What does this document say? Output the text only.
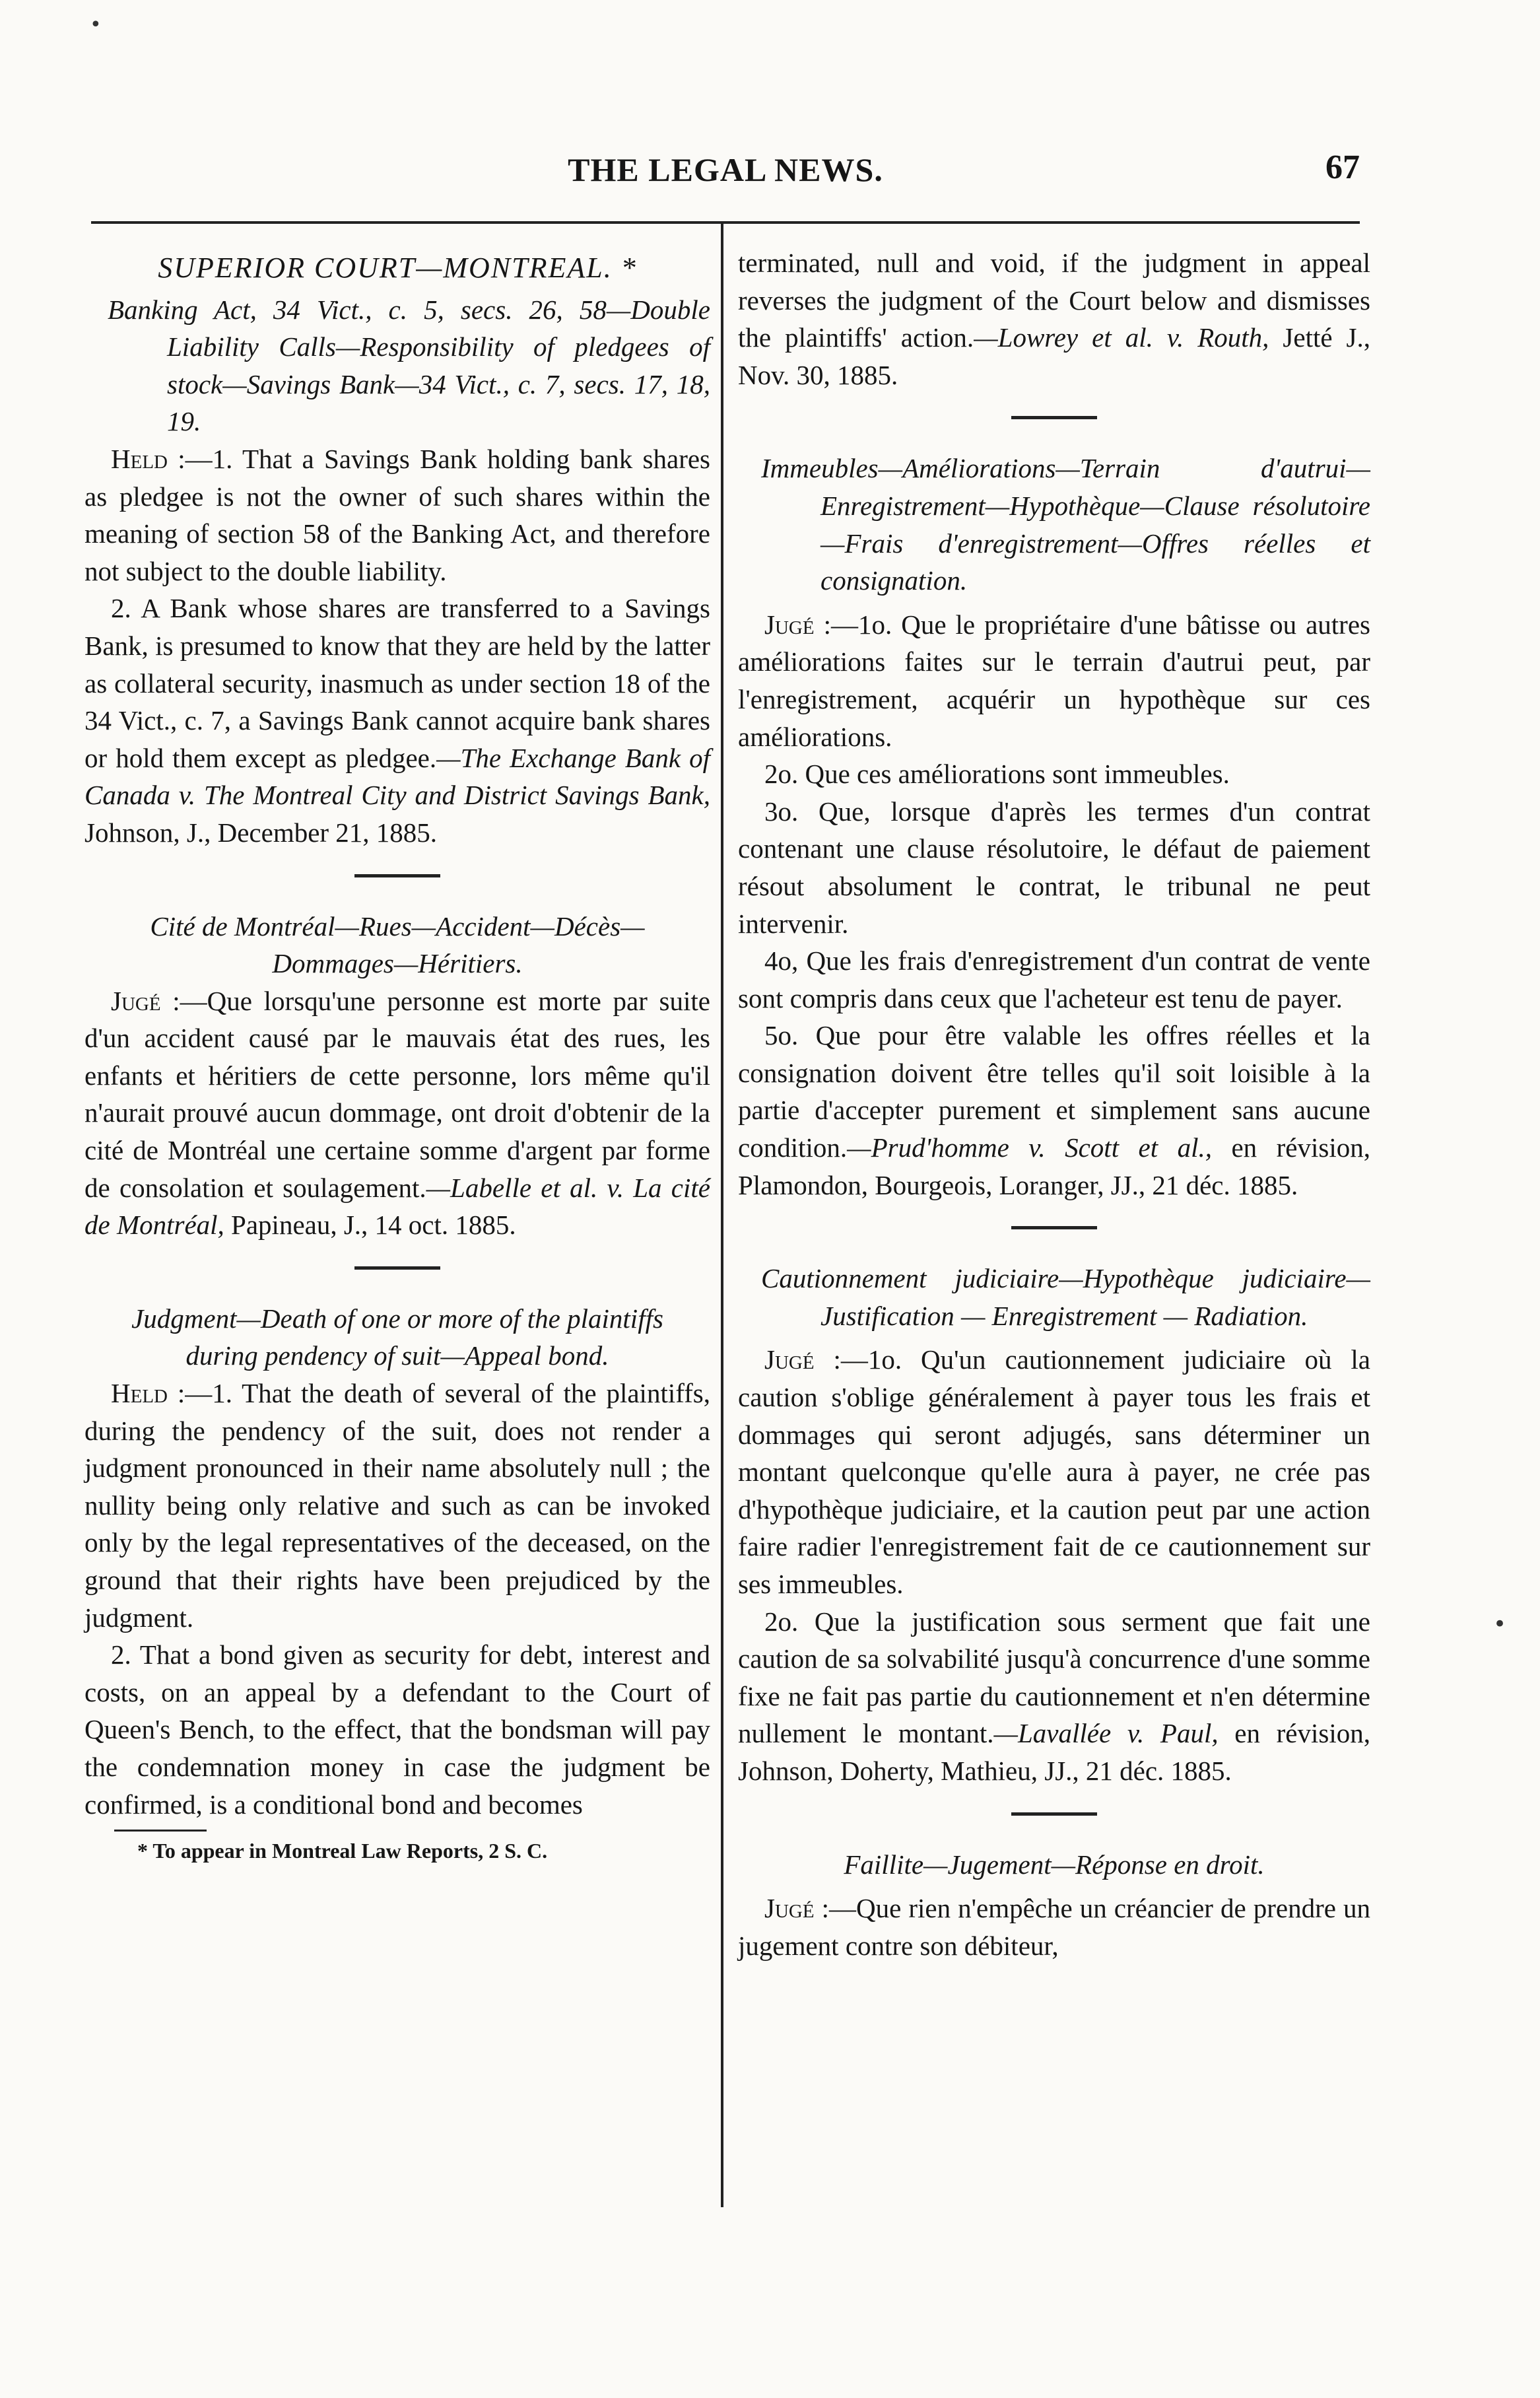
•
•
THE LEGAL NEWS.	67
SUPERIOR COURT—MONTREAL. *

Banking Act, 34 Vict., c. 5, secs. 26, 58—Double Liability Calls—Responsibility of pledgees of stock—Savings Bank—34 Vict., c. 7, secs. 17, 18, 19.

Held :—1. That a Savings Bank holding bank shares as pledgee is not the owner of such shares within the meaning of section 58 of the Banking Act, and therefore not subject to the double liability.

2. A Bank whose shares are transferred to a Savings Bank, is presumed to know that they are held by the latter as collateral security, inasmuch as under section 18 of the 34 Vict., c. 7, a Savings Bank cannot acquire bank shares or hold them except as pledgee.—The Exchange Bank of Canada v. The Montreal City and District Savings Bank, Johnson, J., December 21, 1885.

Cité de Montréal—Rues—Accident—Décès—Dommages—Héritiers.

Jugé :—Que lorsqu'une personne est morte par suite d'un accident causé par le mauvais état des rues, les enfants et héritiers de cette personne, lors même qu'il n'aurait prouvé aucun dommage, ont droit d'obtenir de la cité de Montréal une certaine somme d'argent par forme de consolation et soulagement.—Labelle et al. v. La cité de Montréal, Papineau, J., 14 oct. 1885.

Judgment—Death of one or more of the plaintiffs during pendency of suit—Appeal bond.

Held :—1. That the death of several of the plaintiffs, during the pendency of the suit, does not render a judgment pronounced in their name absolutely null ; the nullity being only relative and such as can be invoked only by the legal representatives of the deceased, on the ground that their rights have been prejudiced by the judgment.

2. That a bond given as security for debt, interest and costs, on an appeal by a defendant to the Court of Queen's Bench, to the effect, that the bondsman will pay the condemnation money in case the judgment be confirmed, is a conditional bond and becomes

* To appear in Montreal Law Reports, 2 S. C.

terminated, null and void, if the judgment in appeal reverses the judgment of the Court below and dismisses the plaintiffs' action.—Lowrey et al. v. Routh, Jetté J., Nov. 30, 1885.

Immeubles—Améliorations—Terrain d'autrui—Enregistrement—Hypothèque—Clause résolutoire—Frais d'enregistrement—Offres réelles et consignation.

Jugé :—1o. Que le propriétaire d'une bâtisse ou autres améliorations faites sur le terrain d'autrui peut, par l'enregistrement, acquérir un hypothèque sur ces améliorations.

2o. Que ces améliorations sont immeubles.

3o. Que, lorsque d'après les termes d'un contrat contenant une clause résolutoire, le défaut de paiement résout absolument le contrat, le tribunal ne peut intervenir.

4o, Que les frais d'enregistrement d'un contrat de vente sont compris dans ceux que l'acheteur est tenu de payer.

5o. Que pour être valable les offres réelles et la consignation doivent être telles qu'il soit loisible à la partie d'accepter purement et simplement sans aucune condition.—Prud'homme v. Scott et al., en révision, Plamondon, Bourgeois, Loranger, JJ., 21 déc. 1885.

Cautionnement judiciaire—Hypothèque judiciaire—Justification — Enregistrement — Radiation.

Jugé :—1o. Qu'un cautionnement judiciaire où la caution s'oblige généralement à payer tous les frais et dommages qui seront adjugés, sans déterminer un montant quelconque qu'elle aura à payer, ne crée pas d'hypothèque judiciaire, et la caution peut par une action faire radier l'enregistrement fait de ce cautionnement sur ses immeubles.

2o. Que la justification sous serment que fait une caution de sa solvabilité jusqu'à concurrence d'une somme fixe ne fait pas partie du cautionnement et n'en détermine nullement le montant.—Lavallée v. Paul, en révision, Johnson, Doherty, Mathieu, JJ., 21 déc. 1885.

Faillite—Jugement—Réponse en droit.

Jugé :—Que rien n'empêche un créancier de prendre un jugement contre son débiteur,
